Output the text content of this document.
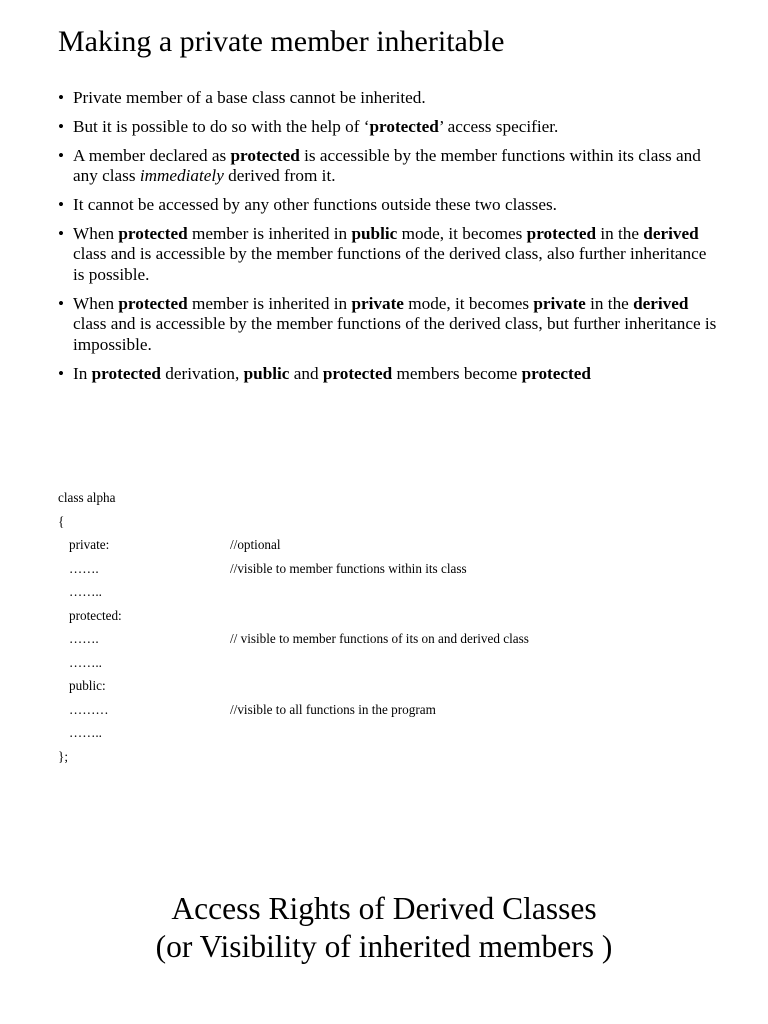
Making a private member inheritable
• Private member of a base class cannot be inherited.
• But it is possible to do so with the help of ‘protected’ access specifier.
• A member declared as protected is accessible by the member functions within its class and any class immediately derived from it.
• It cannot be accessed by any other functions outside these two classes.
• When protected member is inherited in public mode, it becomes protected in the derived class and is accessible by the member functions of the derived class, also further inheritance is possible.
• When protected member is inherited in private mode, it becomes private in the derived class and is accessible by the member functions of the derived class, but further inheritance is impossible.
• In protected derivation, public and protected members become protected
class alpha
{
private:	//optional
…….	//visible to member functions within its class
……..
protected:
…….	// visible to member functions of its on and derived class
……..
public:
………	//visible to all functions in the program
……..
};
Access Rights of Derived Classes
(or Visibility of inherited members )
